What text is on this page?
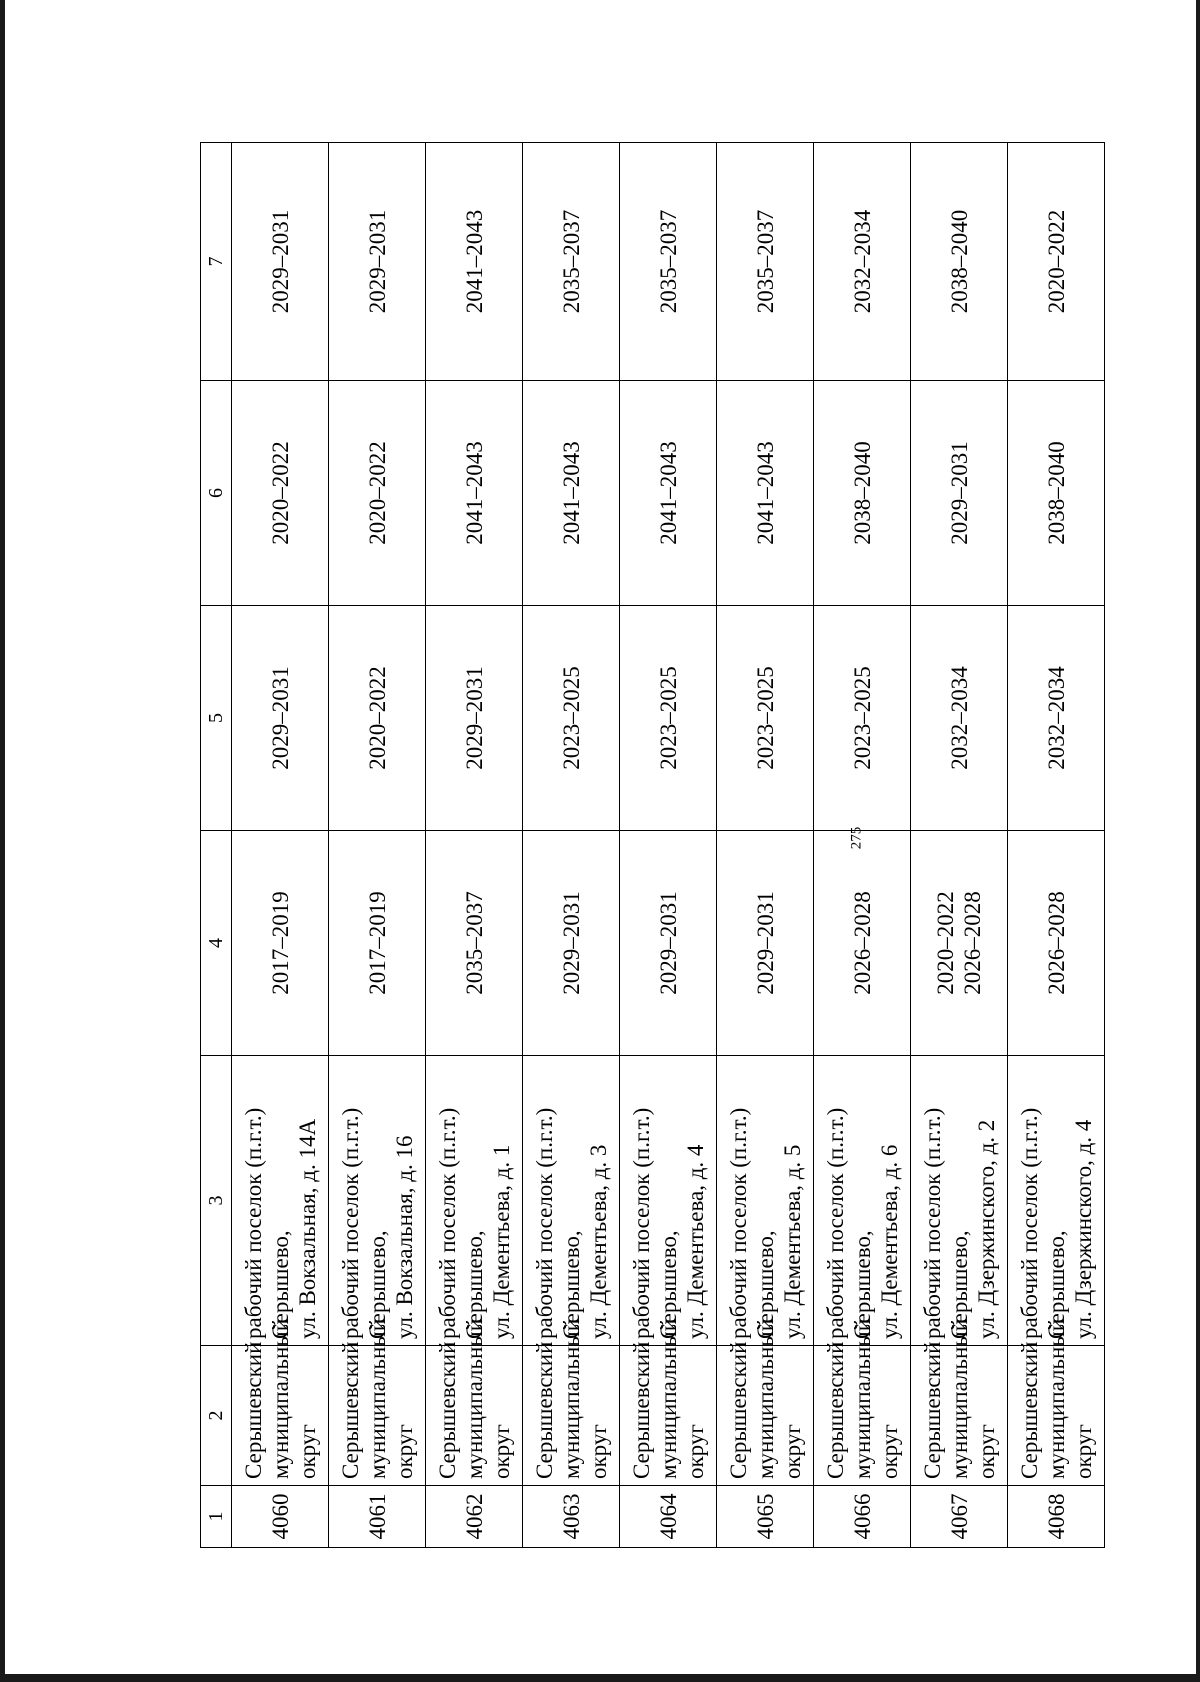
275
1	2	3	4	5	6	7

4060	Серышевский муниципальный округ	рабочий поселок (п.г.т.) Серышево, ул. Вокзальная, д. 14А	2017–2019	2029–2031	2020–2022	2029–2031

4061	Серышевский муниципальный округ	рабочий поселок (п.г.т.) Серышево, ул. Вокзальная, д. 16	2017–2019	2020–2022	2020–2022	2029–2031

4062	Серышевский муниципальный округ	рабочий поселок (п.г.т.) Серышево, ул. Дементьева, д. 1	2035–2037	2029–2031	2041–2043	2041–2043

4063	Серышевский муниципальный округ	рабочий поселок (п.г.т.) Серышево, ул. Дементьева, д. 3	2029–2031	2023–2025	2041–2043	2035–2037

4064	Серышевский муниципальный округ	рабочий поселок (п.г.т.) Серышево, ул. Дементьева, д. 4	2029–2031	2023–2025	2041–2043	2035–2037

4065	Серышевский муниципальный округ	рабочий поселок (п.г.т.) Серышево, ул. Дементьева, д. 5	2029–2031	2023–2025	2041–2043	2035–2037

4066	Серышевский муниципальный округ	рабочий поселок (п.г.т.) Серышево, ул. Дементьева, д. 6	2026–2028	2023–2025	2038–2040	2032–2034

4067	Серышевский муниципальный округ	рабочий поселок (п.г.т.) Серышево, ул. Дзержинского, д. 2	2020–2022 2026–2028	2032–2034	2029–2031	2038–2040

4068	Серышевский муниципальный округ	рабочий поселок (п.г.т.) Серышево, ул. Дзержинского, д. 4	2026–2028	2032–2034	2038–2040	2020–2022
